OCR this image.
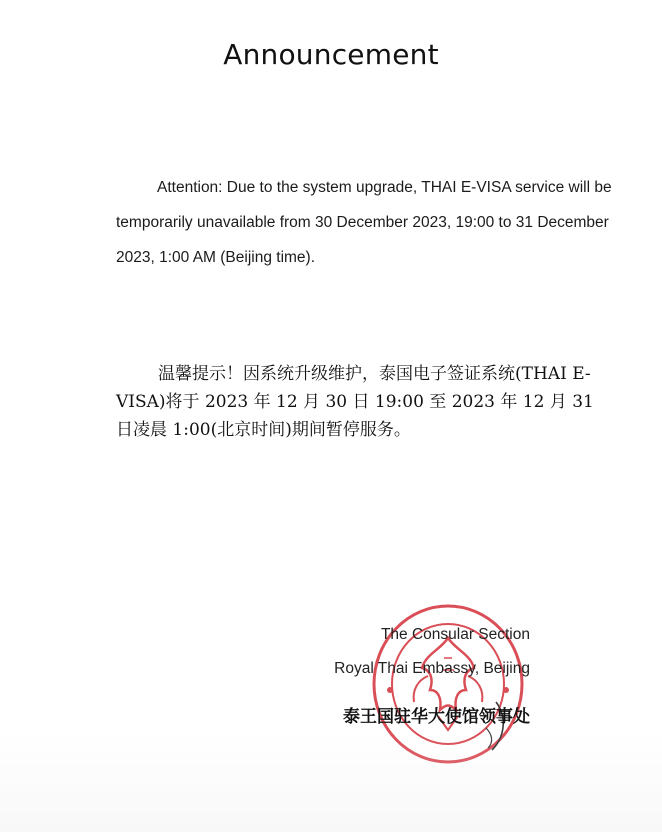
Announcement

Attention: Due to the system upgrade, THAI E-VISA service will be temporarily unavailable from 30 December 2023, 19:00 to 31 December 2023, 1:00 AM (Beijing time).

温馨提示！因系统升级维护，泰国电子签证系统(THAI E-VISA)将于 2023 年 12 月 30 日 19:00 至 2023 年 12 月 31 日凌晨 1:00(北京时间)期间暂停服务。

The Consular Section
Royal Thai Embassy, Beijing
泰王国驻华大使馆领事处
